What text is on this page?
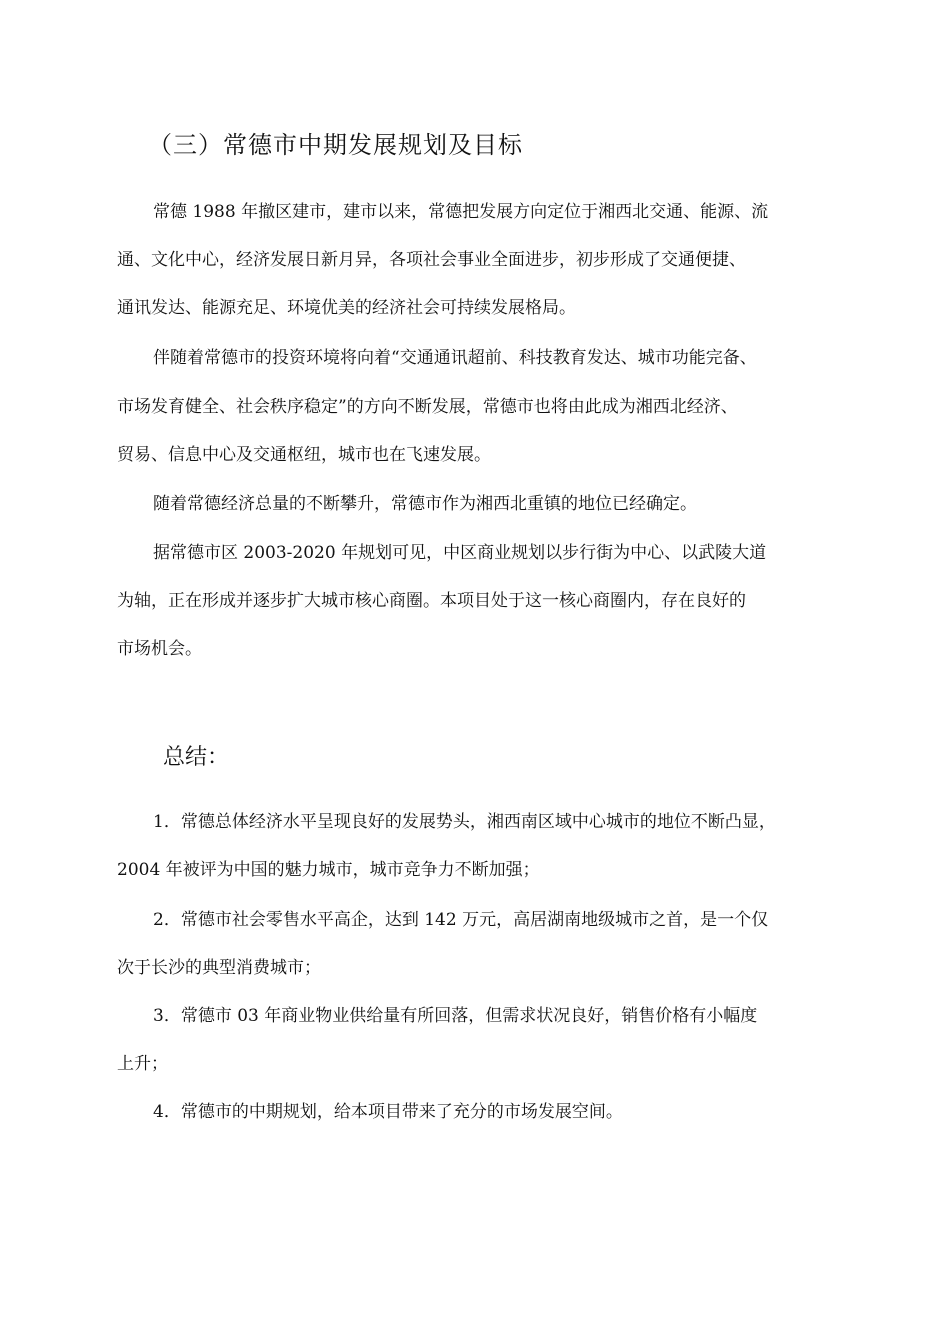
（三）常德市中期发展规划及目标
常德 1988 年撤区建市，建市以来，常德把发展方向定位于湘西北交通、能源、流
通、文化中心，经济发展日新月异，各项社会事业全面进步，初步形成了交通便捷、
通讯发达、能源充足、环境优美的经济社会可持续发展格局。
伴随着常德市的投资环境将向着“交通通讯超前、科技教育发达、城市功能完备、
市场发育健全、社会秩序稳定”的方向不断发展，常德市也将由此成为湘西北经济、
贸易、信息中心及交通枢纽，城市也在飞速发展。
随着常德经济总量的不断攀升，常德市作为湘西北重镇的地位已经确定。
据常德市区 2003-2020 年规划可见，中区商业规划以步行街为中心、以武陵大道
为轴，正在形成并逐步扩大城市核心商圈。本项目处于这一核心商圈内，存在良好的
市场机会。
总结：
1．常德总体经济水平呈现良好的发展势头，湘西南区域中心城市的地位不断凸显，
2004 年被评为中国的魅力城市，城市竞争力不断加强；
2．常德市社会零售水平高企，达到 142 万元，高居湖南地级城市之首，是一个仅
次于长沙的典型消费城市；
3．常德市 03 年商业物业供给量有所回落，但需求状况良好，销售价格有小幅度
上升；
4．常德市的中期规划，给本项目带来了充分的市场发展空间。
